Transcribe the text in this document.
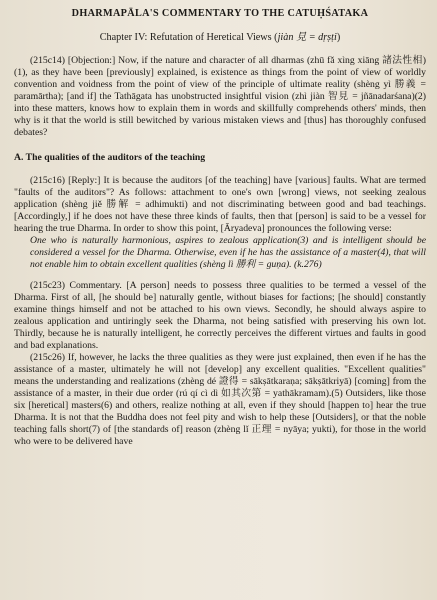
DHARMAPĀLA'S COMMENTARY TO THE CATUḤŚATAKA
Chapter IV: Refutation of Heretical Views (jiàn 見 = dṛṣṭi)

(215c14) [Objection:] Now, if the nature and character of all dharmas (zhū fǎ xìng xiāng 諸法性相)(1), as they have been [previously] explained, is existence as things from the point of view of worldly convention and voidness from the point of view of the principle of ultimate reality (shèng yì 勝義 = paramārtha); [and if] the Tathāgata has unobstructed insightful vision (zhì jiàn 智見 = jñānadarśana)(2) into these matters, knows how to explain them in words and skillfully comprehends others' minds, then why is it that the world is still bewitched by various mistaken views and [thus] has thoroughly confused debates?

A. The qualities of the auditors of the teaching

(215c16) [Reply:] It is because the auditors [of the teaching] have [various] faults. What are termed "faults of the auditors"? As follows: attachment to one's own [wrong] views, not seeking zealous application (shèng jiě 勝解 = adhimukti) and not discriminating between good and bad teachings. [Accordingly,] if he does not have these three kinds of faults, then that [person] is said to be a vessel for hearing the true Dharma. In order to show this point, [Āryadeva] pronounces the following verse:

One who is naturally harmonious, aspires to zealous application(3) and is intelligent should be considered a vessel for the Dharma. Otherwise, even if he has the assistance of a master(4), that will not enable him to obtain excellent qualities (shèng lì 勝利 = guṇa). (k.276)

(215c23) Commentary. [A person] needs to possess three qualities to be termed a vessel of the Dharma. First of all, [he should be] naturally gentle, without biases for factions; [he should] constantly examine things himself and not be attached to his own views. Secondly, he should always aspire to zealous application and untiringly seek the Dharma, not being satisfied with preserving his own lot. Thirdly, because he is naturally intelligent, he correctly perceives the different virtues and faults in good and bad explanations.

(215c26) If, however, he lacks the three qualities as they were just explained, then even if he has the assistance of a master, ultimately he will not [develop] any excellent qualities. "Excellent qualities" means the understanding and realizations (zhèng dé 證得 = sākṣātkaraṇa; sākṣātkriyā) [coming] from the assistance of a master, in their due order (rú qí cì dì 如其次第 = yathākramam).(5) Outsiders, like those six [heretical] masters(6) and others, realize nothing at all, even if they should [happen to] hear the true Dharma. It is not that the Buddha does not feel pity and wish to help these [Outsiders], or that the noble teaching falls short(7) of [the standards of] reason (zhèng lǐ 正理 = nyāya; yukti), for those in the world who were to be delivered have
